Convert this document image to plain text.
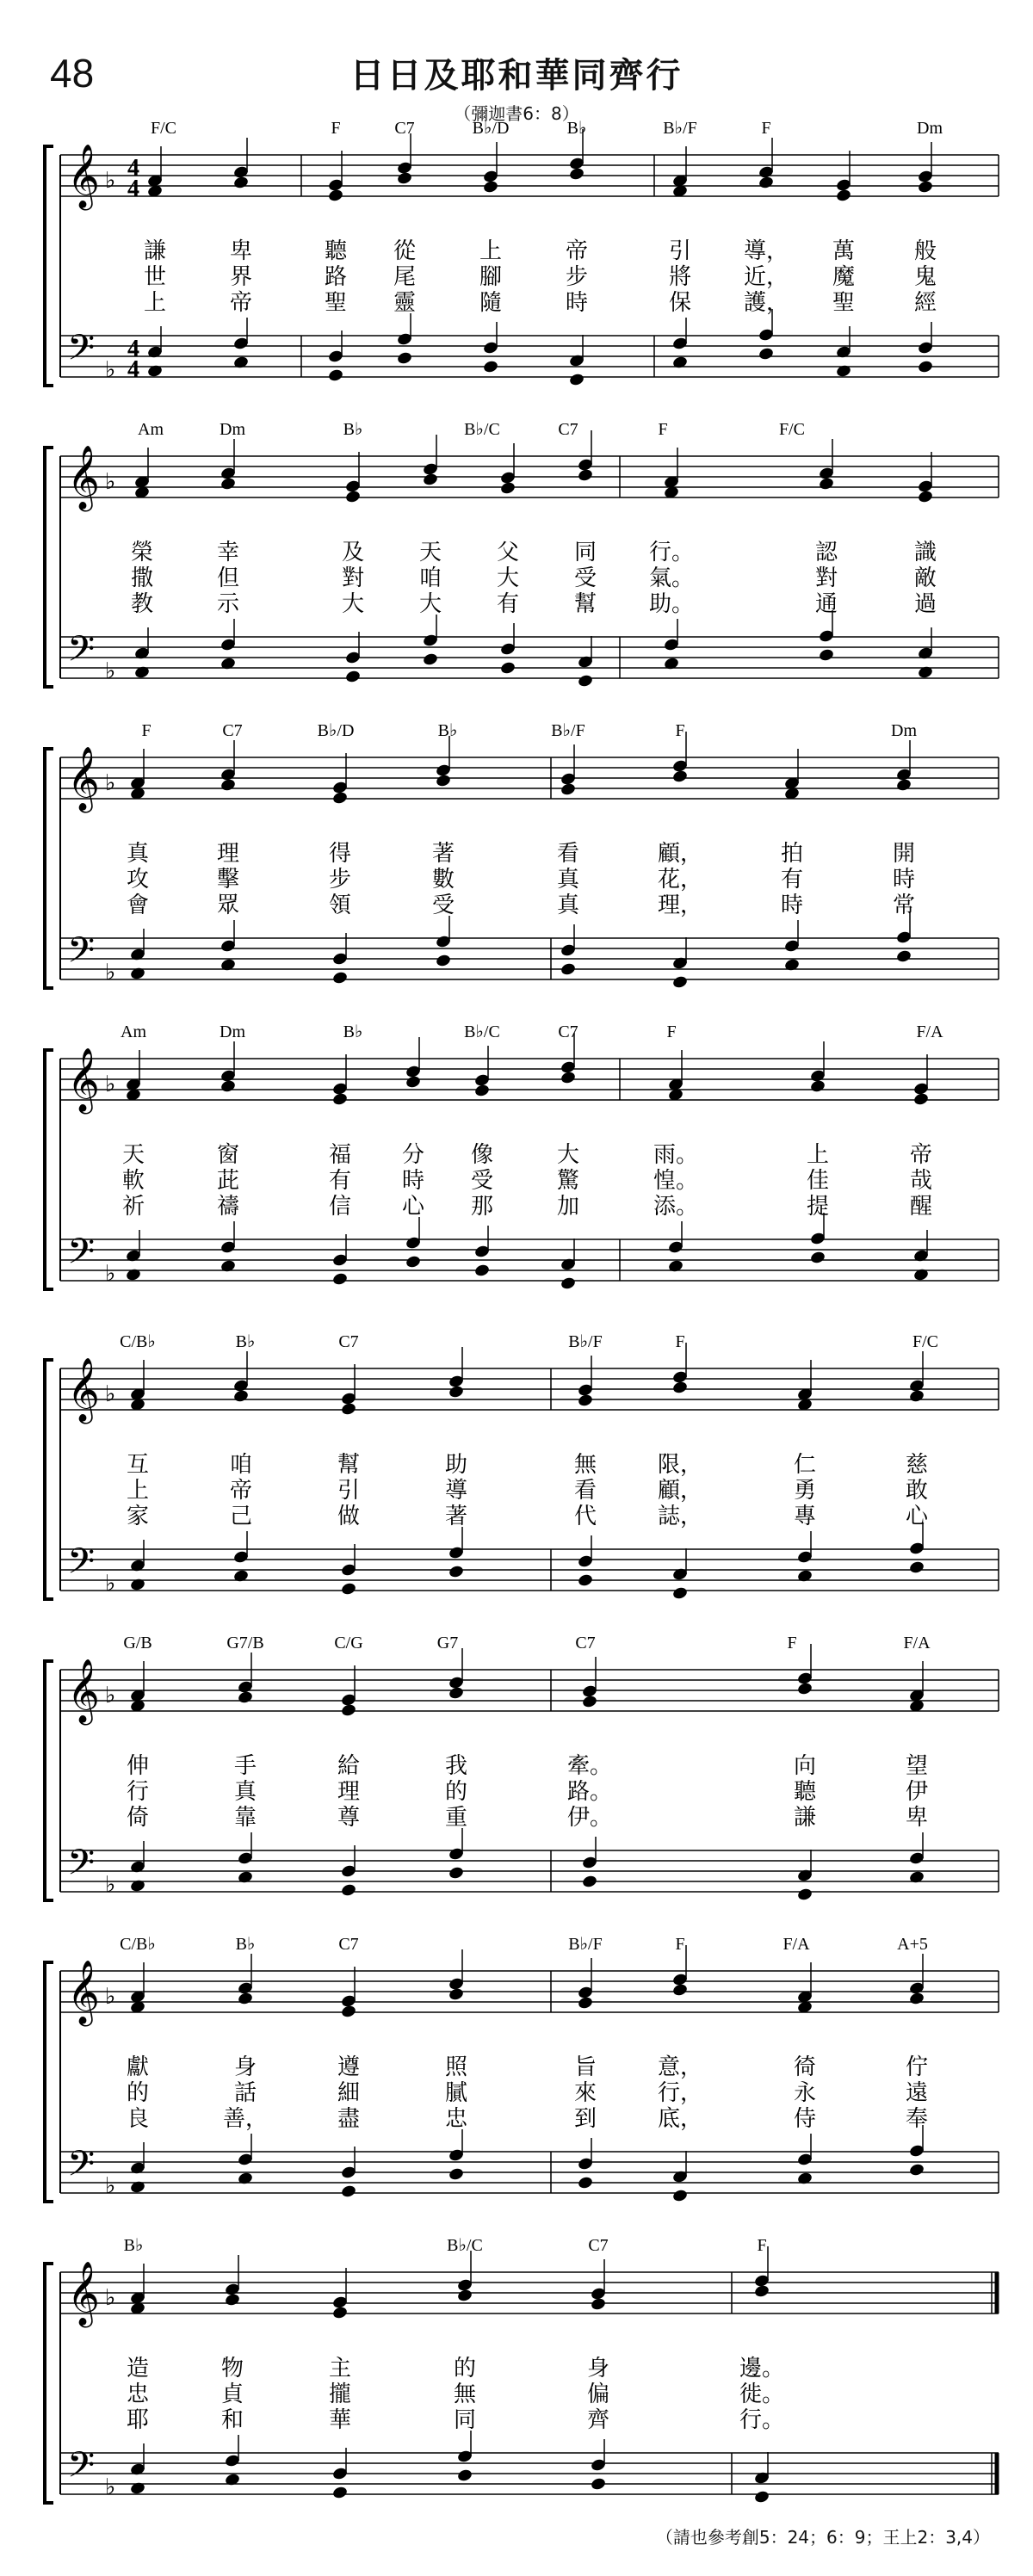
48	日日及耶和華同齊行
（彌迦書6：8）
F/C	F	C7	B♭/D	B♭	B♭/F	F	Dm
𝄞
𝄢
♭
♭
4
4
4
4
謙	卑	聽 從	上	帝	引 導， 萬	般
世	界	路 尾	腳	步	將 近， 魔	鬼
上	帝	聖 靈	隨	時	保 護， 聖	經
Am	Dm	B♭	B♭/C	C7	F	F/C
𝄞
𝄢
♭
♭
榮	幸	及 天 父 同 行。	認	識
撒	但	對 咱 大 受 氣。	對	敵
教	示	大 大 有 幫 助。	通	過
F	C7	B♭/D	B♭	B♭/F	F	Dm
𝄞
𝄢
♭
♭
真	理	得	著	看	顧，	拍	開
攻	擊	步	數	真	花，	有	時
會	眾	領	受	真	理，	時	常
Am	Dm	B♭	B♭/C	C7	F	F/A
𝄞
𝄢
♭
♭
天	窗	福 分 像	大	雨。	上	帝
軟	茈	有 時 受	驚	惶。	佳	哉
祈	禱	信 心 那	加	添。	提	醒
C/B♭	B♭	C7	B♭/F	F	F/C
𝄞
𝄢
♭
♭
互	咱	幫	助	無	限，	仁	慈
上	帝	引	導	看	顧，	勇	敢
家	己	做	著	代	誌，	專	心
G/B	G7/B	C/G	G7	C7	F	F/A
𝄞
𝄢
♭
♭
伸	手	給	我	牽。	向	望
行	真	理	的	路。	聽	伊
倚	靠	尊	重	伊。	謙	卑
C/B♭	B♭	C7	B♭/F	F	F/A	A+5
𝄞
𝄢
♭
♭
獻	身	遵	照	旨	意，	徛	佇
的	話	細	膩	來	行，	永	遠
良	善，	盡	忠	到	底，	侍	奉
B♭	B♭/C	C7	F
𝄞
𝄢
♭
♭
造	物	主	的	身	邊。
忠	貞	攏	無	偏	徙。
耶	和	華	同	齊	行。
（請也參考創5：24；6：9；王上2：3,4）
